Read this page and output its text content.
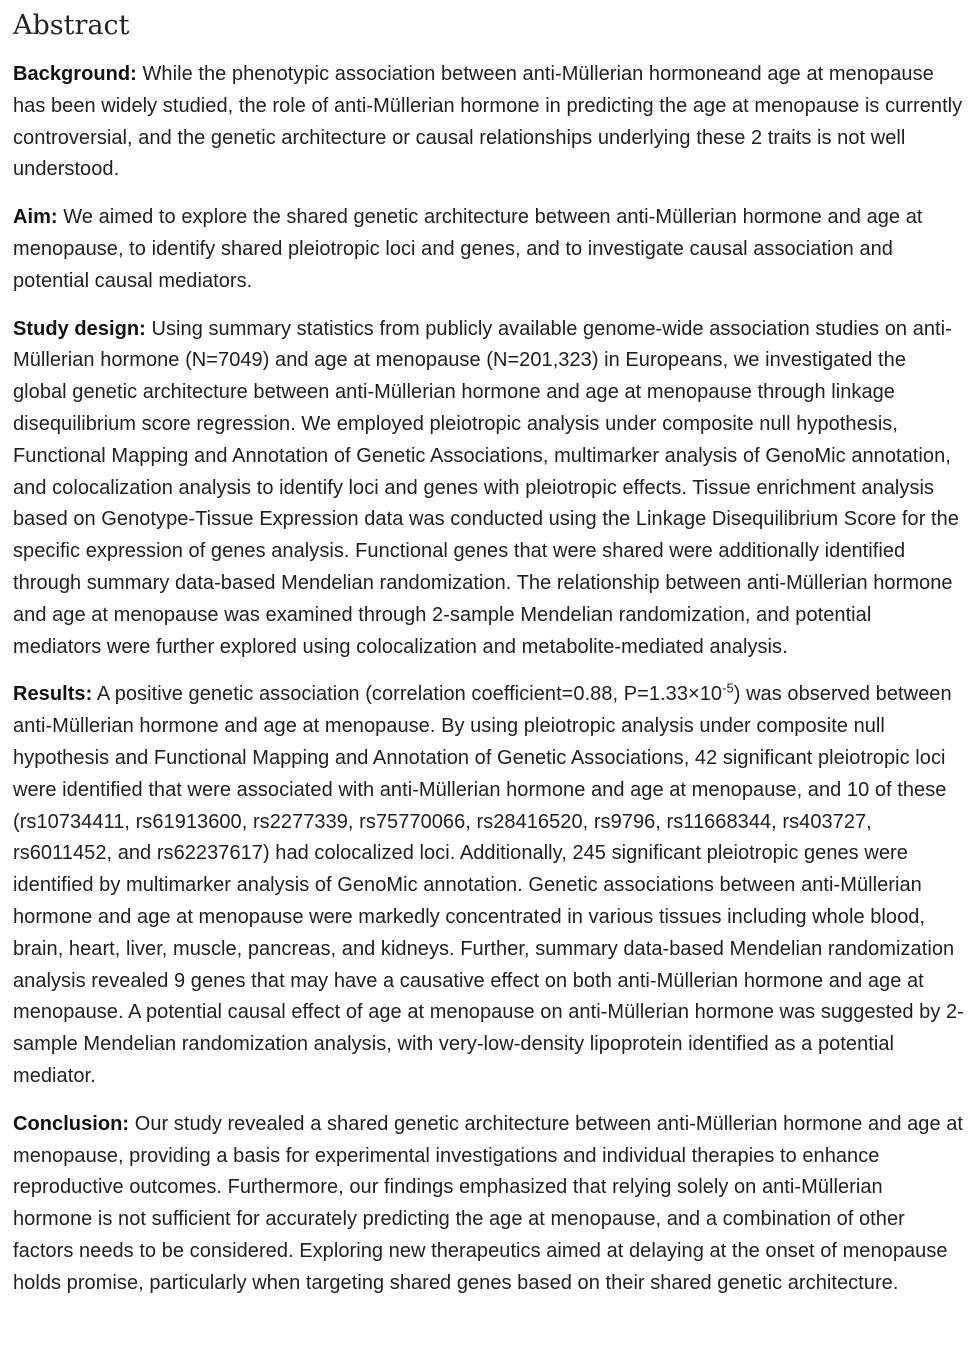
Abstract

Background: While the phenotypic association between anti-Müllerian hormoneand age at menopause has been widely studied, the role of anti-Müllerian hormone in predicting the age at menopause is currently controversial, and the genetic architecture or causal relationships underlying these 2 traits is not well understood.

Aim: We aimed to explore the shared genetic architecture between anti-Müllerian hormone and age at menopause, to identify shared pleiotropic loci and genes, and to investigate causal association and potential causal mediators.

Study design: Using summary statistics from publicly available genome-wide association studies on anti-Müllerian hormone (N=7049) and age at menopause (N=201,323) in Europeans, we investigated the global genetic architecture between anti-Müllerian hormone and age at menopause through linkage disequilibrium score regression. We employed pleiotropic analysis under composite null hypothesis, Functional Mapping and Annotation of Genetic Associations, multimarker analysis of GenoMic annotation, and colocalization analysis to identify loci and genes with pleiotropic effects. Tissue enrichment analysis based on Genotype-Tissue Expression data was conducted using the Linkage Disequilibrium Score for the specific expression of genes analysis. Functional genes that were shared were additionally identified through summary data-based Mendelian randomization. The relationship between anti-Müllerian hormone and age at menopause was examined through 2-sample Mendelian randomization, and potential mediators were further explored using colocalization and metabolite-mediated analysis.

Results: A positive genetic association (correlation coefficient=0.88, $P=1.33\times 10^{-5}$) was observed between anti-Müllerian hormone and age at menopause. By using pleiotropic analysis under composite null hypothesis and Functional Mapping and Annotation of Genetic Associations, 42 significant pleiotropic loci were identified that were associated with anti-Müllerian hormone and age at menopause, and 10 of these (rs10734411, rs61913600, rs2277339, rs75770066, rs28416520, rs9796, rs11668344, rs403727, rs6011452, and rs62237617) had colocalized loci. Additionally, 245 significant pleiotropic genes were identified by multimarker analysis of GenoMic annotation. Genetic associations between anti-Müllerian hormone and age at menopause were markedly concentrated in various tissues including whole blood, brain, heart, liver, muscle, pancreas, and kidneys. Further, summary data-based Mendelian randomization analysis revealed 9 genes that may have a causative effect on both anti-Müllerian hormone and age at menopause. A potential causal effect of age at menopause on anti-Müllerian hormone was suggested by 2-sample Mendelian randomization analysis, with very-low-density lipoprotein identified as a potential mediator.

Conclusion: Our study revealed a shared genetic architecture between anti-Müllerian hormone and age at menopause, providing a basis for experimental investigations and individual therapies to enhance reproductive outcomes. Furthermore, our findings emphasized that relying solely on anti-Müllerian hormone is not sufficient for accurately predicting the age at menopause, and a combination of other factors needs to be considered. Exploring new therapeutics aimed at delaying at the onset of menopause holds promise, particularly when targeting shared genes based on their shared genetic architecture.
